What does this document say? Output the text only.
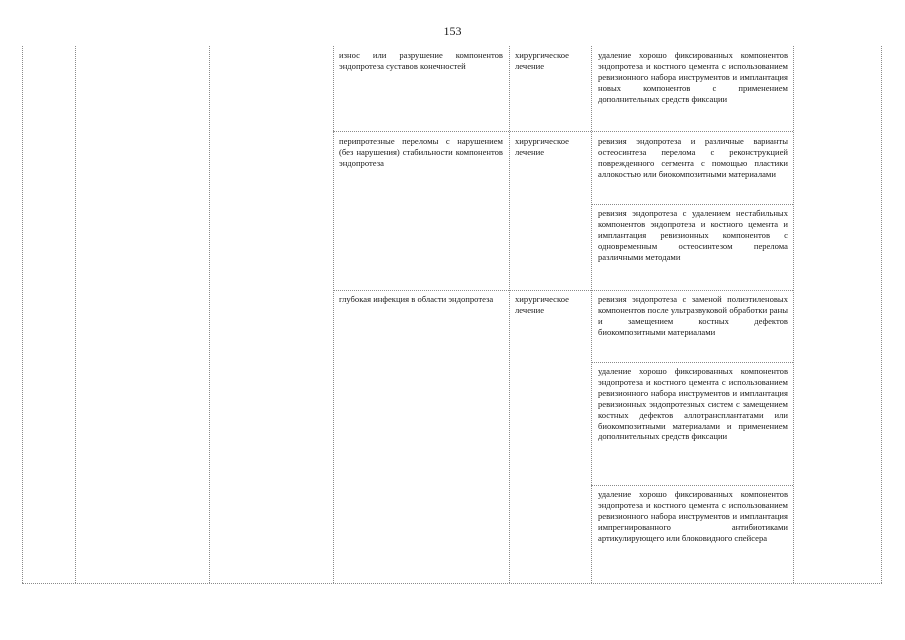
153
износ или разрушение компонентов эндопротеза суставов конечностей
хирургическое лечение
удаление хорошо фиксированных компонентов эндопротеза и костного цемента с использованием ревизионного набора инструментов и имплантация новых компонентов с применением дополнительных средств фиксации
перипротезные переломы с нарушением (без нарушения) стабильности компонентов эндопротеза
хирургическое лечение
ревизия эндопротеза и различные варианты остеосинтеза перелома с реконструкцией поврежденного сегмента с помощью пластики аллокостью или биокомпозитными материалами
ревизия эндопротеза с удалением нестабильных компонентов эндопротеза и костного цемента и имплантация ревизионных компонентов с одновременным остеосинтезом перелома различными методами
глубокая инфекция в области эндопротеза	хирургическое лечение
ревизия эндопротеза с заменой полиэтиленовых компонентов после ультразвуковой обработки раны и замещением костных дефектов биокомпозитными материалами
удаление хорошо фиксированных компонентов эндопротеза и костного цемента с использованием ревизионного набора инструментов и имплантация ревизионных эндопротезных систем с замещением костных дефектов аллотрансплантатами или биокомпозитными материалами и применением дополнительных средств фиксации
удаление хорошо фиксированных компонентов эндопротеза и костного цемента с использованием ревизионного набора инструментов и имплантация импрегнированного антибиотиками артикулирующего или блоковидного спейсера
